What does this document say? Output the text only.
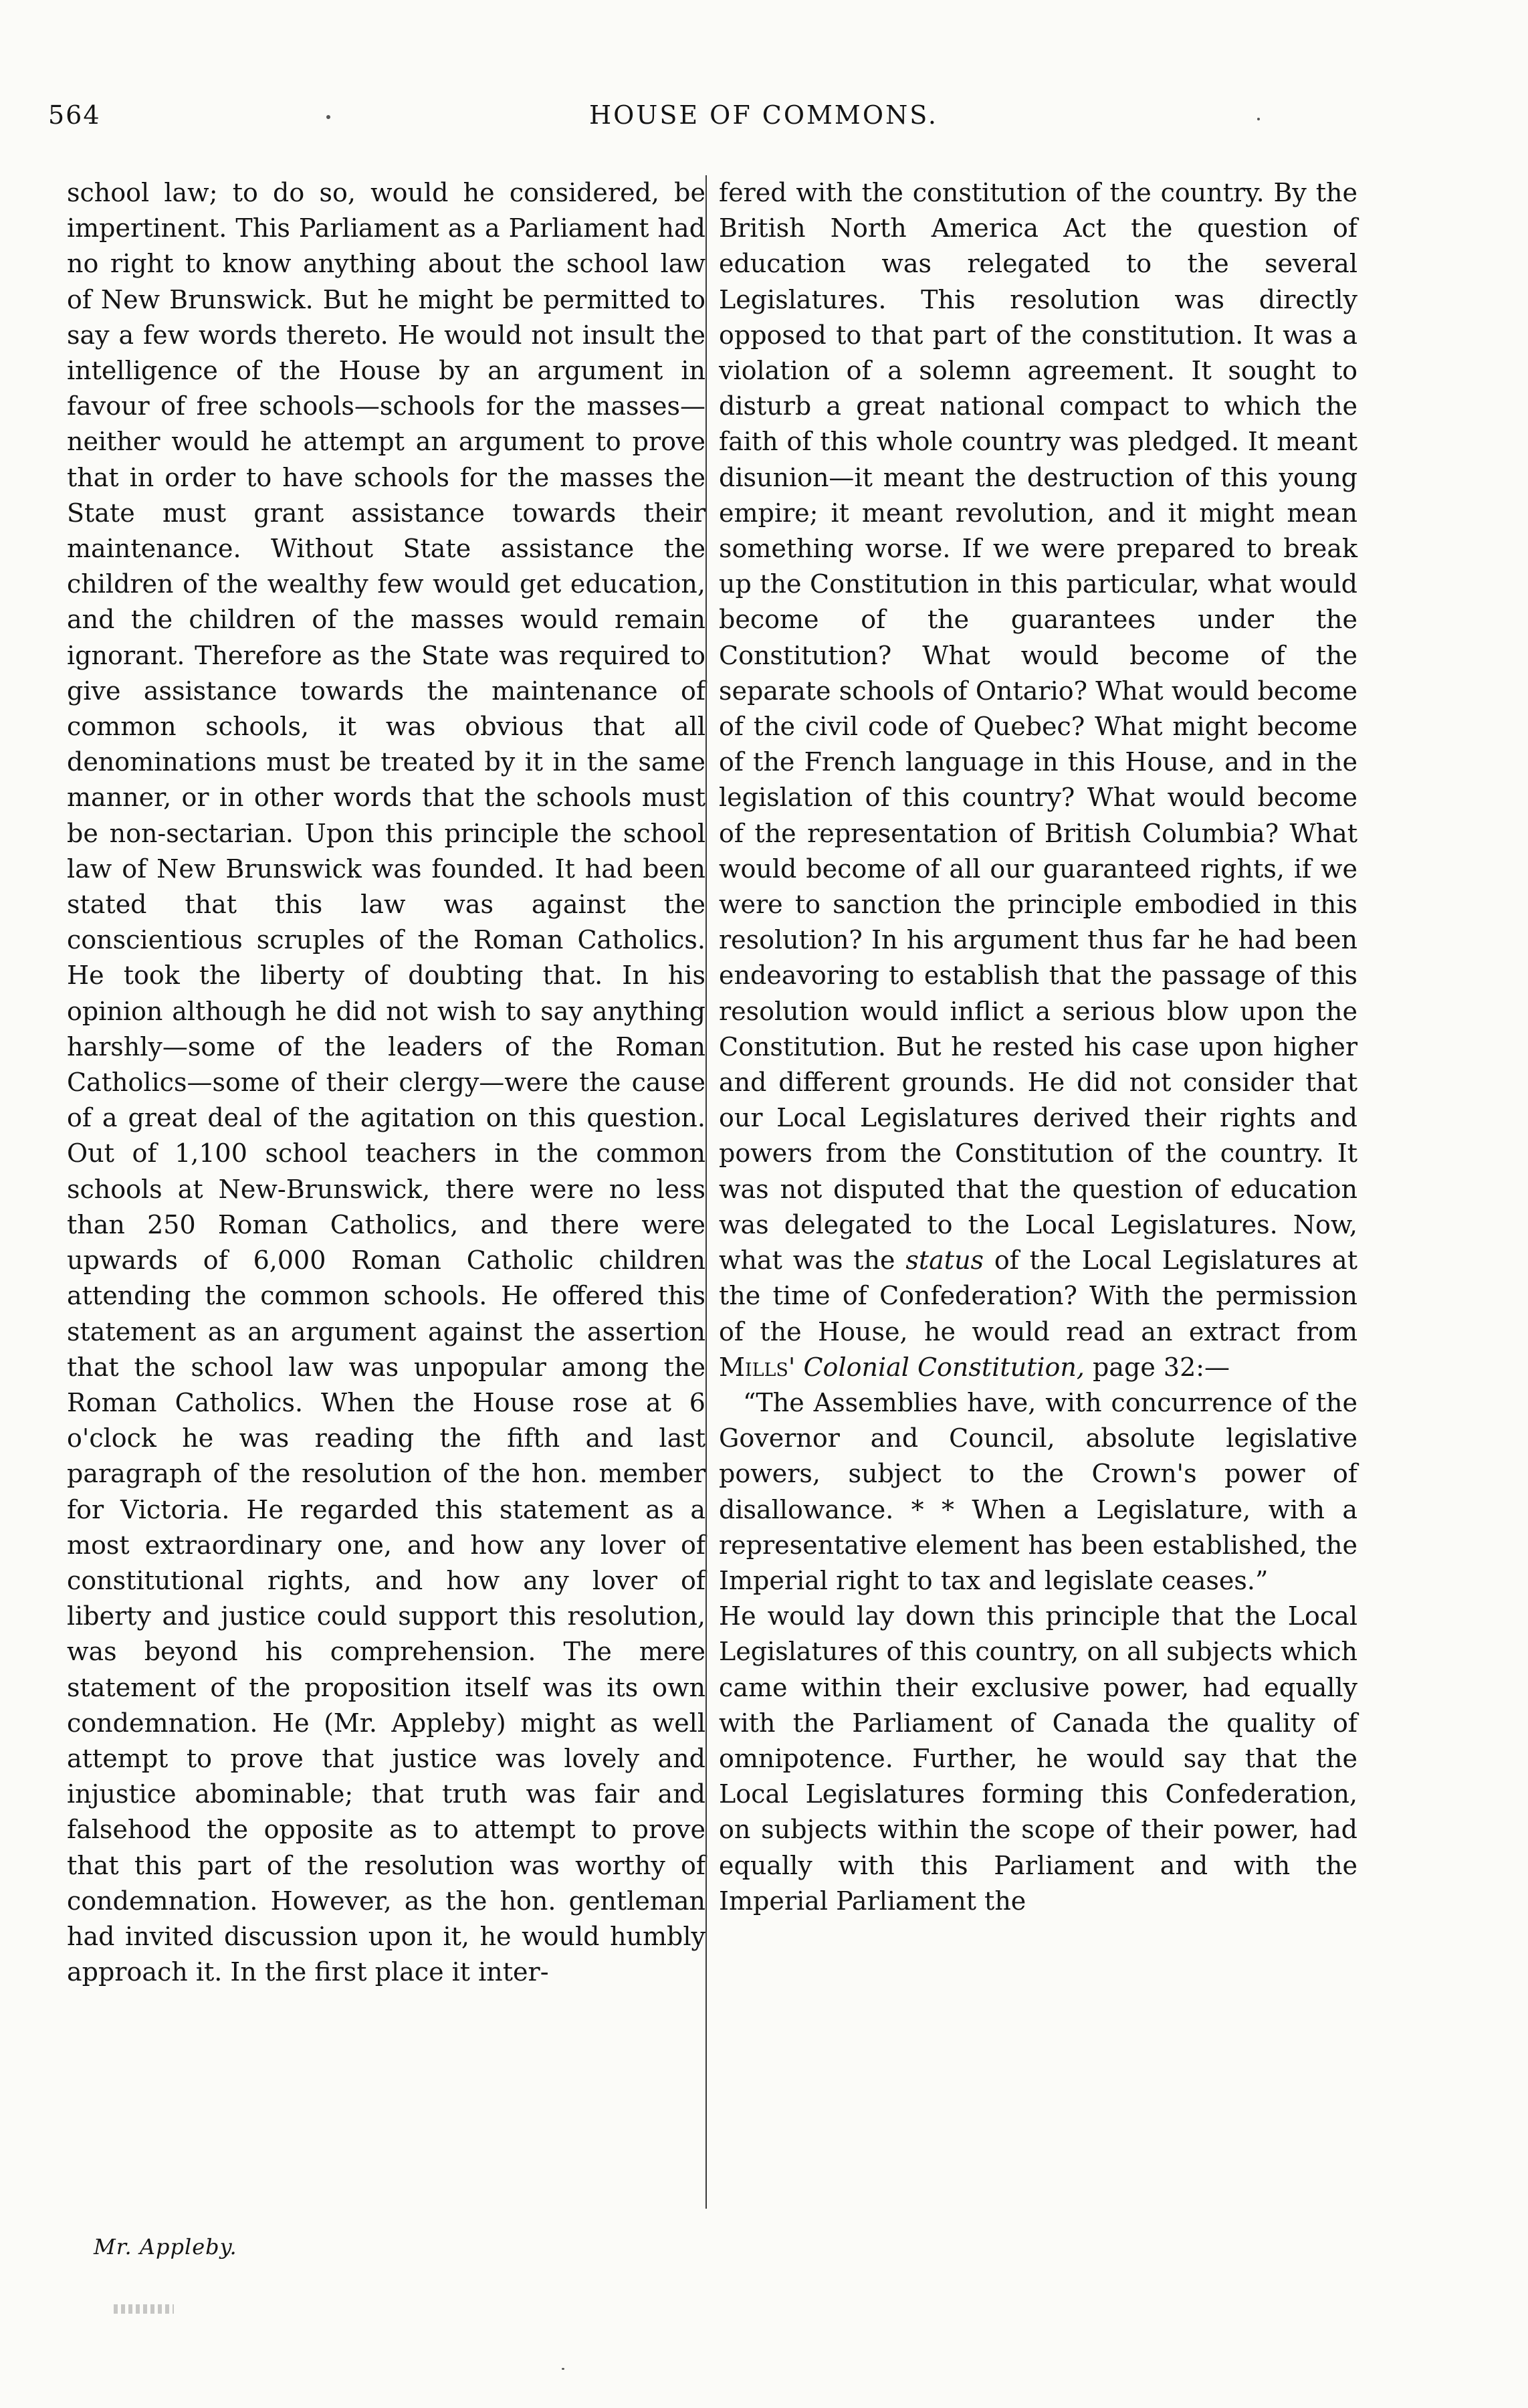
564	HOUSE OF COMMONS.

school law; to do so, would he considered, be impertinent. This Parliament as a Parliament had no right to know anything about the school law of New Brunswick. But he might be permitted to say a few words thereto. He would not insult the intelligence of the House by an argument in favour of free schools—schools for the masses—neither would he attempt an argument to prove that in order to have schools for the masses the State must grant assistance towards their maintenance. Without State assistance the children of the wealthy few would get education, and the children of the masses would remain ignorant. Therefore as the State was required to give assistance towards the maintenance of common schools, it was obvious that all denominations must be treated by it in the same manner, or in other words that the schools must be non-sectarian. Upon this principle the school law of New Brunswick was founded. It had been stated that this law was against the conscientious scruples of the Roman Catholics. He took the liberty of doubting that. In his opinion although he did not wish to say anything harshly—some of the leaders of the Roman Catholics—some of their clergy—were the cause of a great deal of the agitation on this question. Out of 1,100 school teachers in the common schools at New-Brunswick, there were no less than 250 Roman Catholics, and there were upwards of 6,000 Roman Catholic children attending the common schools. He offered this statement as an argument against the assertion that the school law was unpopular among the Roman Catholics. When the House rose at 6 o'clock he was reading the fifth and last paragraph of the resolution of the hon. member for Victoria. He regarded this statement as a most extraordinary one, and how any lover of constitutional rights, and how any lover of liberty and justice could support this resolution, was beyond his comprehension. The mere statement of the proposition itself was its own condemnation. He (Mr. Appleby) might as well attempt to prove that justice was lovely and injustice abominable; that truth was fair and falsehood the opposite as to attempt to prove that this part of the resolution was worthy of condemnation. However, as the hon. gentleman had invited discussion upon it, he would humbly approach it. In the first place it inter-

fered with the constitution of the country. By the British North America Act the question of education was relegated to the several Legislatures. This resolution was directly opposed to that part of the constitution. It was a violation of a solemn agreement. It sought to disturb a great national compact to which the faith of this whole country was pledged. It meant disunion—it meant the destruction of this young empire; it meant revolution, and it might mean something worse. If we were prepared to break up the Constitution in this particular, what would become of the guarantees under the Constitution? What would become of the separate schools of Ontario? What would become of the civil code of Quebec? What might become of the French language in this House, and in the legislation of this country? What would become of the representation of British Columbia? What would become of all our guaranteed rights, if we were to sanction the principle embodied in this resolution? In his argument thus far he had been endeavoring to establish that the passage of this resolution would inflict a serious blow upon the Constitution. But he rested his case upon higher and different grounds. He did not consider that our Local Legislatures derived their rights and powers from the Constitution of the country. It was not disputed that the question of education was delegated to the Local Legislatures. Now, what was the status of the Local Legislatures at the time of Confederation? With the permission of the House, he would read an extract from Mills' Colonial Constitution, page 32:—

“The Assemblies have, with concurrence of the Governor and Council, absolute legislative powers, subject to the Crown's power of disallowance. * * When a Legislature, with a representative element has been established, the Imperial right to tax and legislate ceases.”

He would lay down this principle that the Local Legislatures of this country, on all subjects which came within their exclusive power, had equally with the Parliament of Canada the quality of omnipotence. Further, he would say that the Local Legislatures forming this Confederation, on subjects within the scope of their power, had equally with this Parliament and with the Imperial Parliament the

Mr. Appleby.
